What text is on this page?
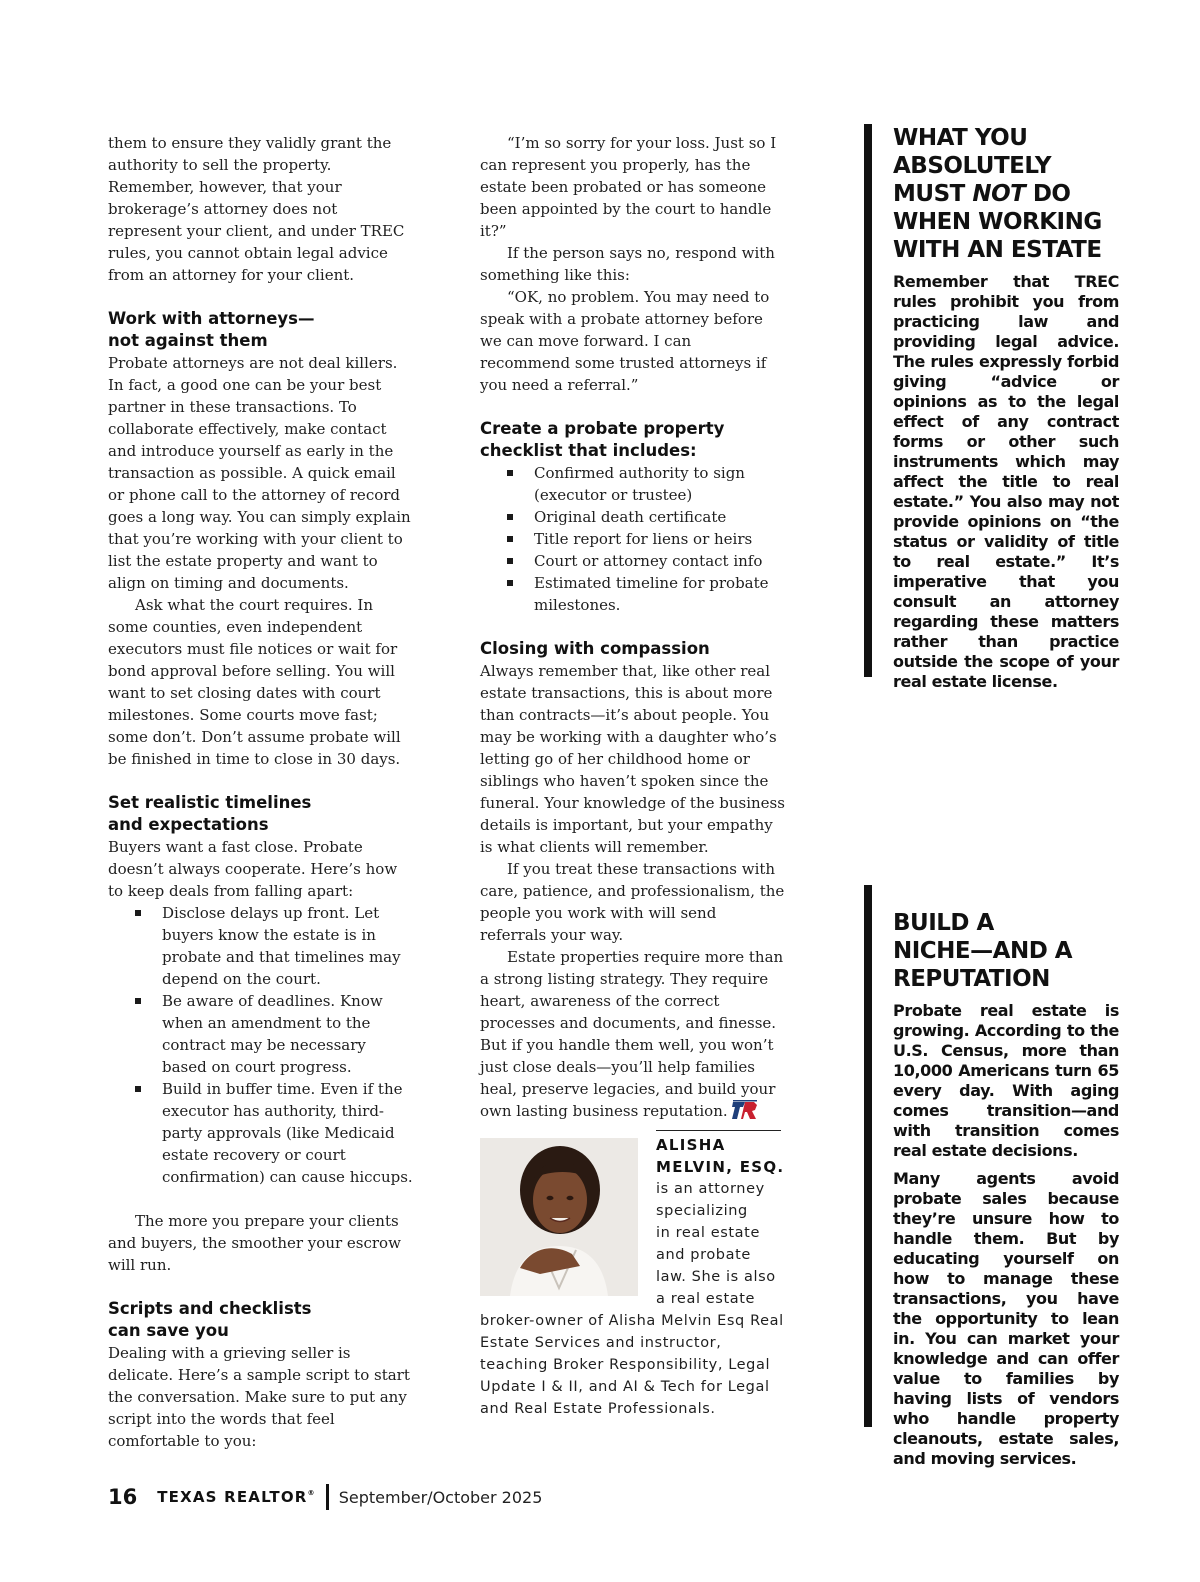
them to ensure they validly grant the authority to sell the property. Remember, however, that your brokerage’s attorney does not represent your client, and under TREC rules, you cannot obtain legal advice from an attorney for your client.

Work with attorneys—
not against them

Probate attorneys are not deal killers. In fact, a good one can be your best partner in these transactions. To collaborate effectively, make contact and introduce yourself as early in the transaction as possible. A quick email or phone call to the attorney of record goes a long way. You can simply explain that you’re working with your client to list the estate property and want to align on timing and documents.

Ask what the court requires. In some counties, even independent executors must file notices or wait for bond approval before selling. You will want to set closing dates with court milestones. Some courts move fast; some don’t. Don’t assume probate will be finished in time to close in 30 days.

Set realistic timelines
and expectations

Buyers want a fast close. Probate doesn’t always cooperate. Here’s how to keep deals from falling apart:

Disclose delays up front. Let buyers know the estate is in probate and that timelines may depend on the court.
Be aware of deadlines. Know when an amendment to the contract may be necessary based on court progress.
Build in buffer time. Even if the executor has authority, third-party approvals (like Medicaid estate recovery or court confirmation) can cause hiccups.

The more you prepare your clients and buyers, the smoother your escrow will run.

Scripts and checklists
can save you

Dealing with a grieving seller is delicate. Here’s a sample script to start the conversation. Make sure to put any script into the words that feel comfortable to you:

“I’m so sorry for your loss. Just so I can represent you properly, has the estate been probated or has someone been appointed by the court to handle it?”

If the person says no, respond with something like this:

“OK, no problem. You may need to speak with a probate attorney before we can move forward. I can recommend some trusted attorneys if you need a referral.”

Create a probate property
checklist that includes:
Confirmed authority to sign (executor or trustee)
Original death certificate
Title report for liens or heirs
Court or attorney contact info
Estimated timeline for probate milestones.
Closing with compassion

Always remember that, like other real estate transactions, this is about more than contracts—it’s about people. You may be working with a daughter who’s letting go of her childhood home or siblings who haven’t spoken since the funeral. Your knowledge of the business details is important, but your empathy is what clients will remember.

If you treat these transactions with care, patience, and professionalism, the people you work with will send referrals your way.

Estate properties require more than a strong listing strategy. They require heart, awareness of the correct processes and documents, and finesse. But if you handle them well, you won’t just close deals—you’ll help families heal, preserve legacies, and build your own lasting business reputation.

ALISHA
MELVIN, ESQ.
is an attorney
specializing
in real estate
and probate
law. She is also
a real estate
broker-owner of Alisha Melvin Esq Real Estate Services and instructor, teaching Broker Responsibility, Legal Update I & II, and AI & Tech for Legal and Real Estate Professionals.
WHAT YOU
ABSOLUTELY
MUST NOT DO
WHEN WORKING
WITH AN ESTATE

Remember that TREC rules prohibit you from practicing law and providing legal advice. The rules expressly forbid giving “advice or opinions as to the legal effect of any contract forms or other such instruments which may affect the title to real estate.” You also may not provide opinions on “the status or validity of title to real estate.” It’s imperative that you consult an attorney regarding these matters rather than practice outside the scope of your real estate license.

BUILD A
NICHE—AND A
REPUTATION

Probate real estate is growing. According to the U.S. Census, more than 10,000 Americans turn 65 every day. With aging comes transition—and with transition comes real estate decisions.

Many agents avoid probate sales because they’re unsure how to handle them. But by educating yourself on how to manage these transactions, you have the opportunity to lean in. You can market your knowledge and can offer value to families by having lists of vendors who handle property cleanouts, estate sales, and moving services.

16 TEXAS REALTOR® September/October 2025
